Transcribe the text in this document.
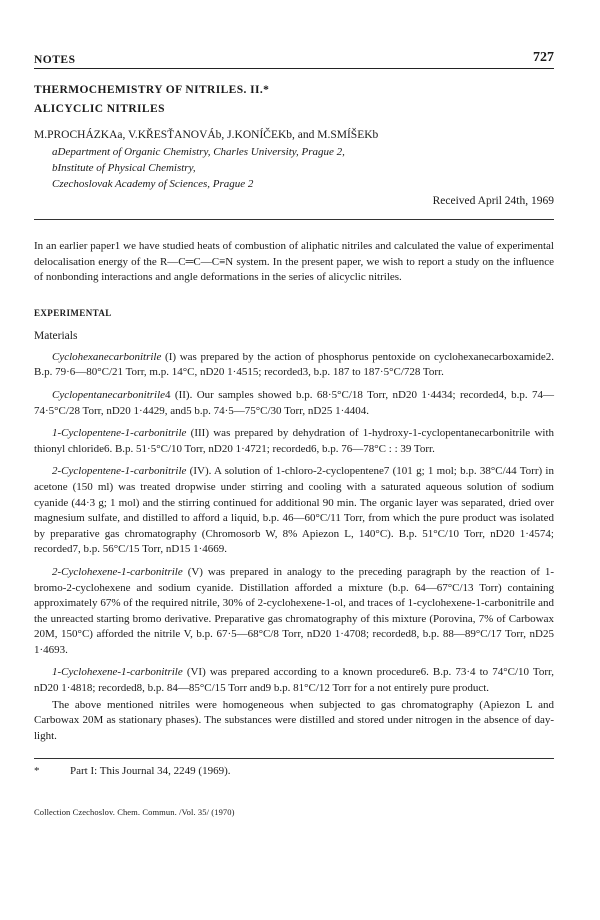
NOTES	727
THERMOCHEMISTRY OF NITRILES. II.*
ALICYCLIC NITRILES
M.PROCHÁZKAa, V.KŘESŤANOVÁb, J.KONÍČEKb, and M.SMÍŠEKb
aDepartment of Organic Chemistry, Charles University, Prague 2,
bInstitute of Physical Chemistry,
Czechoslovak Academy of Sciences, Prague 2
Received April 24th, 1969

In an earlier paper1 we have studied heats of combustion of aliphatic nitriles and calculated the value of experimental delocalisation energy of the R—C═C—C≡N system. In the present paper, we wish to report a study on the influence of nonbonding interactions and angle deformations in the series of alicyclic nitriles.

EXPERIMENTAL
Materials

Cyclohexanecarbonitrile (I) was prepared by the action of phosphorus pentoxide on cyclohexanecarboxamide2. B.p. 79·6—80°C/21 Torr, m.p. 14°C, nD20 1·4515; recorded3, b.p. 187 to 187·5°C/728 Torr.

Cyclopentanecarbonitrile4 (II). Our samples showed b.p. 68·5°C/18 Torr, nD20 1·4434; recorded4, b.p. 74—74·5°C/28 Torr, nD20 1·4429, and5 b.p. 74·5—75°C/30 Torr, nD25 1·4404.

1-Cyclopentene-1-carbonitrile (III) was prepared by dehydration of 1-hydroxy-1-cyclopentanecarbonitrile with thionyl chloride6. B.p. 51·5°C/10 Torr, nD20 1·4721; recorded6, b.p. 76—78°C : : 39 Torr.

2-Cyclopentene-1-carbonitrile (IV). A solution of 1-chloro-2-cyclopentene7 (101 g; 1 mol; b.p. 38°C/44 Torr) in acetone (150 ml) was treated dropwise under stirring and cooling with a saturated aqueous solution of sodium cyanide (44·3 g; 1 mol) and the stirring continued for additional 90 min. The organic layer was separated, dried over magnesium sulfate, and distilled to afford a liquid, b.p. 46—60°C/11 Torr, from which the pure product was isolated by preparative gas chromatography (Chromosorb W, 8% Apiezon L, 140°C). B.p. 51°C/10 Torr, nD20 1·4574; recorded7, b.p. 56°C/15 Torr, nD15 1·4669.

2-Cyclohexene-1-carbonitrile (V) was prepared in analogy to the preceding paragraph by the reaction of 1-bromo-2-cyclohexene and sodium cyanide. Distillation afforded a mixture (b.p. 64—67°C/13 Torr) containing approximately 67% of the required nitrile, 30% of 2-cyclohexene-1-ol, and traces of 1-cyclohexene-1-carbonitrile and the unreacted starting bromo derivative. Preparative gas chromatography of this mixture (Porovina, 7% of Carbowax 20M, 150°C) afforded the nitrile V, b.p. 67·5—68°C/8 Torr, nD20 1·4708; recorded8, b.p. 88—89°C/17 Torr, nD25 1·4693.

1-Cyclohexene-1-carbonitrile (VI) was prepared according to a known procedure6. B.p. 73·4 to 74°C/10 Torr, nD20 1·4818; recorded8, b.p. 84—85°C/15 Torr and9 b.p. 81°C/12 Torr for a not entirely pure product.

The above mentioned nitriles were homogeneous when subjected to gas chromatography (Apiezon L and Carbowax 20M as stationary phases). The substances were distilled and stored under nitrogen in the absence of day-light.

*	Part I: This Journal 34, 2249 (1969).
Collection Czechoslov. Chem. Commun. /Vol. 35/ (1970)
